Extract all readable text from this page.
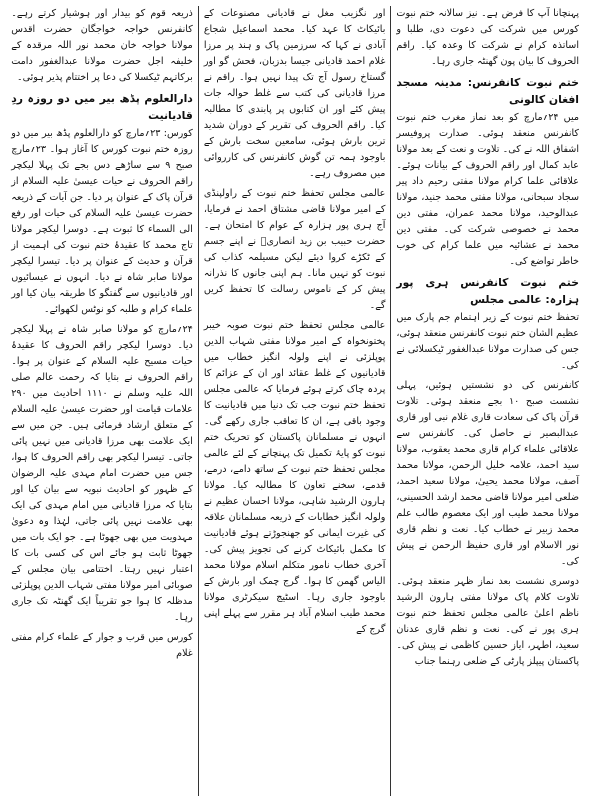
پہنچانا آپ کا فرض ہے۔ نیز سالانہ ختم نبوت کورس میں شرکت کی دعوت دی، طلبا و اساتذہ کرام نے شرکت کا وعدہ کیا۔ راقم الحروف کا بیان پون گھنٹہ جاری رہا۔

ختم نبوت کانفرنس: مدینہ مسجد افغان کالونی

میں ۲۴؍مارچ کو بعد نماز مغرب ختم نبوت کانفرنس منعقد ہوئی۔ صدارت پروفیسر اشفاق اللہ نے کی۔ تلاوت و نعت کے بعد مولانا عابد کمال اور راقم الحروف کے بیانات ہوئے۔ علاقائی علما کرام مولانا مفتی رحیم داد پیر سجاد سبحانی، مولانا مفتی محمد جنید، مولانا عبدالوحید، مولانا محمد عمران، مفتی دین محمد نے خصوصی شرکت کی۔ مفتی دین محمد نے عشائیہ میں علما کرام کی خوب خاطر تواضع کی۔

ختم نبوت کانفرنس ہری پور ہزارہ: عالمی مجلس

تحفظ ختم نبوت کے زیر اہتمام جم پارک میں عظیم الشان ختم نبوت کانفرنس منعقد ہوئی، جس کی صدارت مولانا عبدالغفور ٹیکسلائی نے کی۔

کانفرنس کی دو نشستیں ہوئیں، پہلی نشست صبح ۱۰ بجے منعقد ہوئی۔ تلاوت قرآن پاک کی سعادت قاری غلام نبی اور قاری عبدالبصیر نے حاصل کی۔ کانفرنس سے علاقائی علماء کرام قاری محمد یعقوب، مولانا سید احمد، علامہ خلیل الرحمن، مولانا محمد آصف، مولانا محمد یحییٰ، مولانا سعید احمد، ضلعی امیر مولانا قاضی محمد ارشد الحسینی، مولانا محمد طیب اور ایک معصوم طالب علم محمد زبیر نے خطاب کیا۔ نعت و نظم قاری نور الاسلام اور قاری حفیظ الرحمن نے پیش کی۔

دوسری نشست بعد نماز ظہر منعقد ہوئی۔ تلاوت کلام پاک مولانا مفتی ہارون الرشید ناظم اعلیٰ عالمی مجلس تحفظ ختم نبوت ہری پور نے کی۔ نعت و نظم قاری عدنان سعید، اطہر، ایاز حسین کاظمی نے پیش کی۔ پاکستان پیپلز پارٹی کے ضلعی رہنما جناب

اور نگزیب مغل نے قادیانی مصنوعات کے بائیکاٹ کا عہد کیا۔ محمد اسماعیل شجاع آبادی نے کہا کہ سرزمین پاک و ہند پر مرزا غلام احمد قادیانی جیسا بدزبان، فحش گو اور گستاخ رسول آج تک پیدا نہیں ہوا۔ راقم نے مرزا قادیانی کی کتب سے غلط حوالہ جات پیش کئے اور ان کتابوں پر پابندی کا مطالبہ کیا۔ راقم الحروف کی تقریر کے دوران شدید ترین بارش ہوئی، سامعین سخت بارش کے باوجود ہمہ تن گوش کانفرنس کی کارروائی میں مصروف رہے۔

عالمی مجلس تحفظ ختم نبوت کے راولپنڈی کے امیر مولانا قاضی مشتاق احمد نے فرمایا، آج ہری پور ہزارہ کے عوام کا امتحان ہے۔ حضرت حبیب بن زید انصاریؓ نے اپنے جسم کے ٹکڑے کروا دیئے لیکن مسیلمہ کذاب کی نبوت کو نہیں مانا۔ ہم اپنی جانوں کا نذرانہ پیش کر کے ناموس رسالت کا تحفظ کریں گے۔

عالمی مجلس تحفظ ختم نبوت صوبہ خیبر پختونخواہ کے امیر مولانا مفتی شہاب الدین پوپلزئی نے اپنے ولولہ انگیز خطاب میں قادیانیوں کے غلط عقائد اور ان کے عزائم کا پردہ چاک کرتے ہوئے فرمایا کہ عالمی مجلس تحفظ ختم نبوت جب تک دنیا میں قادیانیت کا وجود باقی ہے، ان کا تعاقب جاری رکھے گی۔ انہوں نے مسلمانان پاکستان کو تحریک ختم نبوت کو پایۂ تکمیل تک پہنچانے کے لئے عالمی مجلس تحفظ ختم نبوت کے ساتھ دامے، درمے، قدمے، سخنے تعاون کا مطالبہ کیا۔ مولانا ہارون الرشید شاہی، مولانا احسان عظیم نے ولولہ انگیز خطابات کے ذریعہ مسلمانان علاقہ کی غیرت ایمانی کو جھنجوڑتے ہوئے قادیانیت کا مکمل بائیکاٹ کرنے کی تجویز پیش کی۔ آخری خطاب نامور متکلم اسلام مولانا محمد الیاس گھمن کا ہوا۔ گرج چمک اور بارش کے باوجود جاری رہا۔ اسٹیج سیکرٹری مولانا محمد طیب اسلام آباد ہر مقرر سے پہلے اپنی گرج کے

ذریعہ قوم کو بیدار اور ہوشیار کرتے رہے۔ کانفرنس خواجہ خواجگان حضرت اقدس مولانا خواجہ خان محمد نور اللہ مرقدہ کے خلیفہ اجل حضرت مولانا عبدالغفور دامت برکاتہم ٹیکسلا کی دعا پر اختتام پذیر ہوئی۔

دارالعلوم پڈھ بیر میں دو روزہ ردِ قادیانیت

کورس: ۲۳؍مارچ کو دارالعلوم پڈھ بیر میں دو روزہ ختم نبوت کورس کا آغاز ہوا۔ ۲۳؍مارچ صبح ۹ سے ساڑھے دس بجے تک پہلا لیکچر راقم الحروف نے حیات عیسیٰ علیہ السلام از قرآن پاک کے عنوان پر دیا۔ جن آیات کے ذریعہ حضرت عیسیٰ علیہ السلام کی حیات اور رفع الی السماء کا ثبوت ہے۔ دوسرا لیکچر مولانا تاج محمد کا عقیدۂ ختم نبوت کی اہمیت از قرآن و حدیث کے عنوان پر دیا۔ تیسرا لیکچر مولانا صابر شاہ نے دیا۔ انہوں نے عیسائیوں اور قادیانیوں سے گفتگو کا طریقہ بیان کیا اور علماء کرام و طلبہ کو نوٹس لکھوائے۔

۲۴؍مارچ کو مولانا صابر شاہ نے پہلا لیکچر دیا۔ دوسرا لیکچر راقم الحروف کا عقیدۂ حیات مسیح علیہ السلام کے عنوان پر ہوا۔ راقم الحروف نے بتایا کہ رحمت عالم صلی اللہ علیہ وسلم نے ۱۱۱۰ احادیث میں ۲۹۰ علامات قیامت اور حضرت عیسیٰ علیہ السلام کے متعلق ارشاد فرمائی ہیں۔ جن میں سے ایک علامت بھی مرزا قادیانی میں نہیں پائی جاتی۔ تیسرا لیکچر بھی راقم الحروف کا ہوا، جس میں حضرت امام مہدی علیہ الرضوان کے ظہور کو احادیث نبویہ سے بیان کیا اور بتایا کہ مرزا قادیانی میں امام مہدی کی ایک بھی علامت نہیں پائی جاتی، لہٰذا وہ دعویٰ مہدویت میں بھی جھوٹا ہے۔ جو ایک بات میں جھوٹا ثابت ہو جائے اس کی کسی بات کا اعتبار نہیں رہتا۔ اختتامی بیان مجلس کے صوبائی امیر مولانا مفتی شہاب الدین پوپلزئی مدظلہ کا ہوا جو تقریباً ایک گھنٹہ تک جاری رہا۔

کورس میں قرب و جوار کے علماء کرام مفتی غلام
